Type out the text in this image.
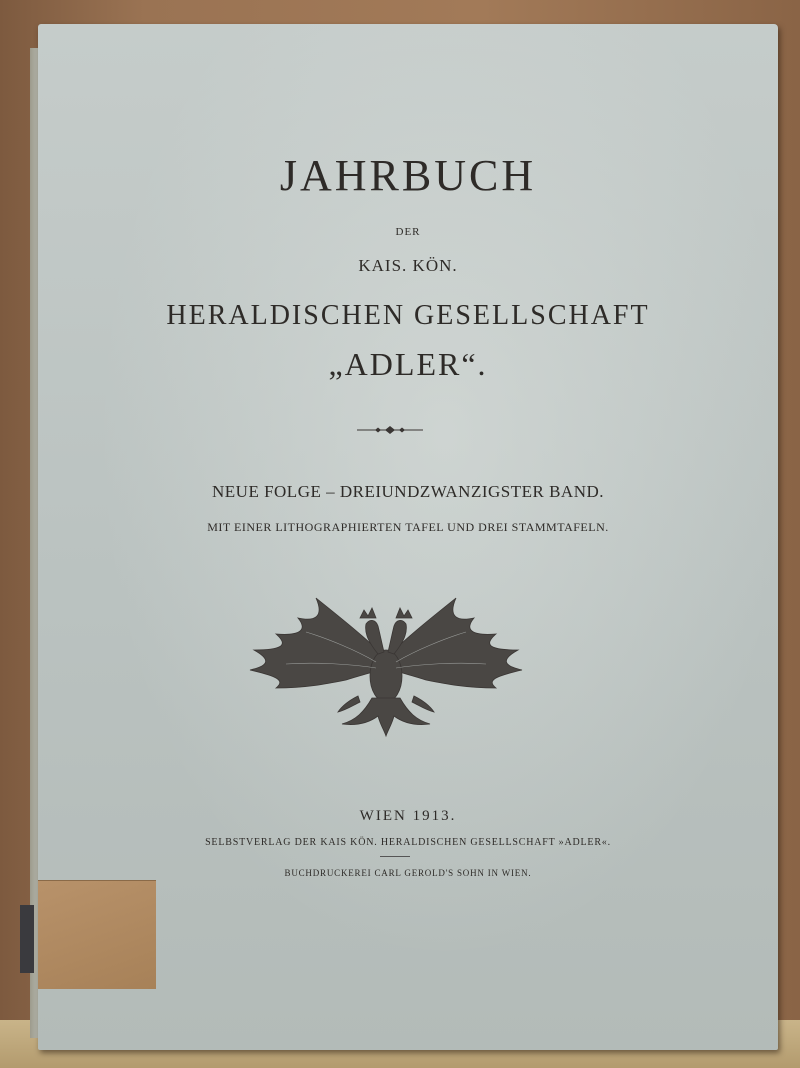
JAHRBUCH
DER
KAIS. KÖN.
HERALDISCHEN GESELLSCHAFT
„ADLER“.
NEUE FOLGE – DREIUNDZWANZIGSTER BAND.
MIT EINER LITHOGRAPHIERTEN TAFEL UND DREI STAMMTAFELN.
WIEN 1913.
SELBSTVERLAG DER KAIS KÖN. HERALDISCHEN GESELLSCHAFT »ADLER«.
BUCHDRUCKEREI CARL GEROLD'S SOHN IN WIEN.
